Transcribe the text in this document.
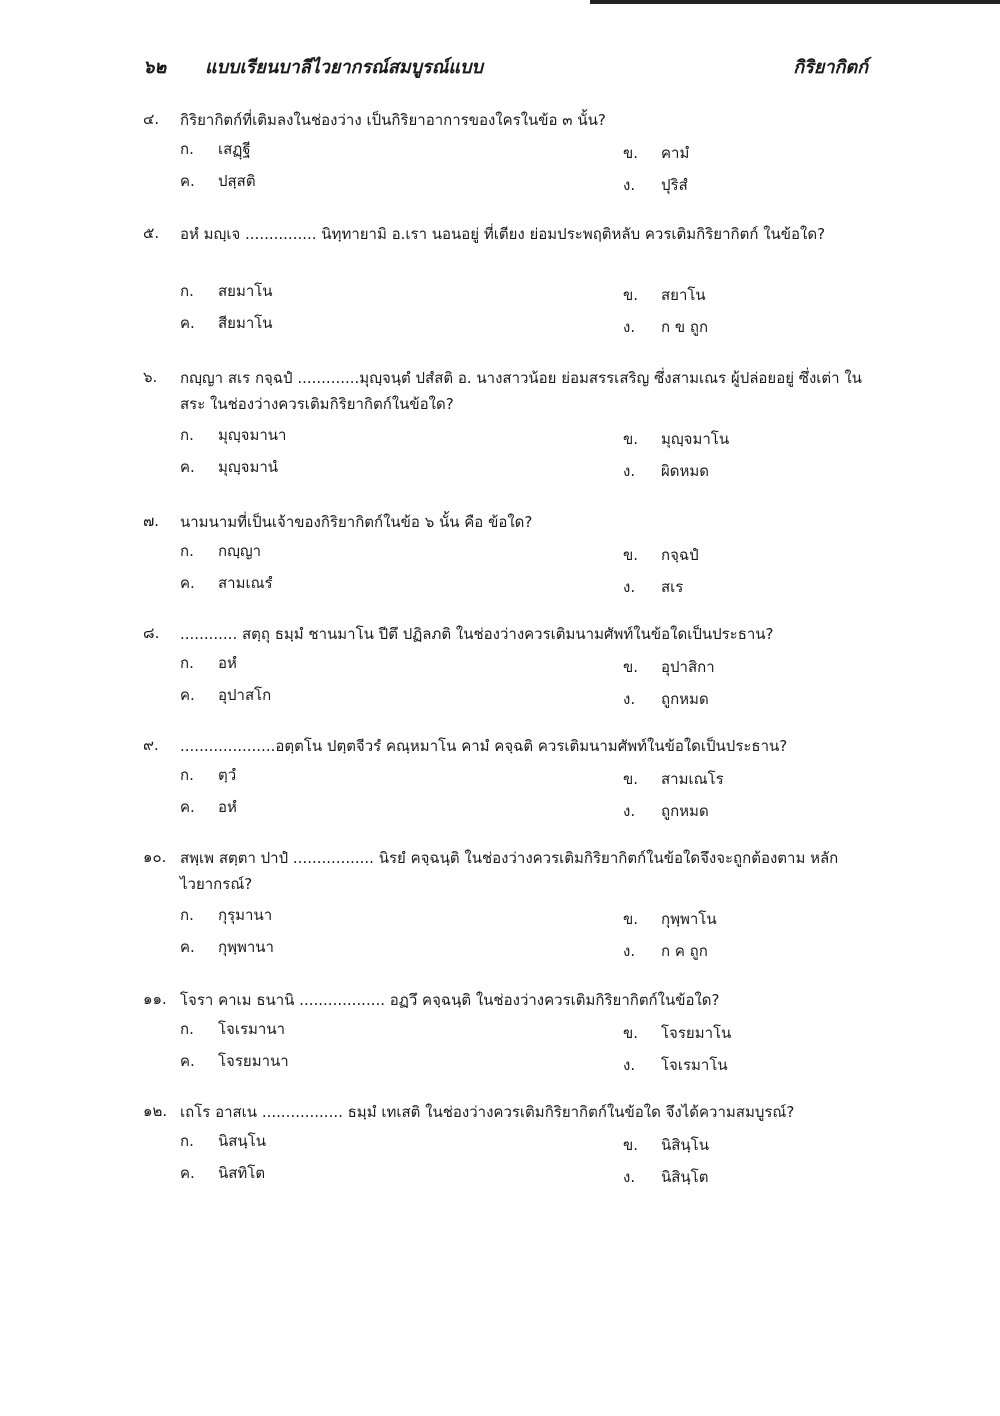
๖๒ แบบเรียนบาลีไวยากรณ์สมบูรณ์แบบ	กิริยากิตก์
๔.	กิริยากิตก์ที่เติมลงในช่องว่าง เป็นกิริยาอาการของใครในข้อ ๓ นั้น?
ก. เสฏฺฐี	ข. คามํ
ค. ปสฺสติ	ง. ปุริสํ
๕.	อหํ มญฺเจ ............... นิทฺทายามิ อ.เรา นอนอยู่ ที่เตียง ย่อมประพฤติหลับ ควรเติมกิริยากิตก์ ในข้อใด?
ก. สยมาโน	ข. สยาโน
ค. สียมาโน	ง. ก ข ถูก
๖.	กญฺญา สเร กจฺฉปํ .............มุญฺจนฺตํ ปสํสติ อ. นางสาวน้อย ย่อมสรรเสริญ ซึ่งสามเณร ผู้ปล่อยอยู่ ซึ่งเต่า ในสระ ในช่องว่างควรเติมกิริยากิตก์ในข้อใด?
ก. มุญฺจมานา	ข. มุญฺจมาโน
ค. มุญฺจมานํ	ง. ผิดหมด
๗.	นามนามที่เป็นเจ้าของกิริยากิตก์ในข้อ ๖ นั้น คือ ข้อใด?
ก. กญฺญา	ข. กจฺฉปํ
ค. สามเณรํ	ง. สเร
๘.	............ สตฺถุ ธมฺมํ ชานมาโน ปีตึ ปฏิลภติ ในช่องว่างควรเติมนามศัพท์ในข้อใดเป็นประธาน?
ก. อหํ	ข. อุปาสิกา
ค. อุปาสโก	ง. ถูกหมด
๙.	....................อตฺตโน ปตฺตจีวรํ คณฺหมาโน คามํ คจฺฉติ ควรเติมนามศัพท์ในข้อใดเป็นประธาน?
ก. ตฺวํ	ข. สามเณโร
ค. อหํ	ง. ถูกหมด
๑๐. สพฺเพ สตฺตา ปาปํ ................. นิรยํ คจฺฉนฺติ ในช่องว่างควรเติมกิริยากิตก์ในข้อใดจึงจะถูกต้องตาม หลักไวยากรณ์?
ก. กุรุมานา	ข. กุพฺพาโน
ค. กุพฺพานา	ง. ก ค ถูก
๑๑. โจรา คาเม ธนานิ .................. อฏวึ คจฺฉนฺติ ในช่องว่างควรเติมกิริยากิตก์ในข้อใด?
ก. โจเรมานา	ข. โจรยมาโน
ค. โจรยมานา	ง. โจเรมาโน
๑๒. เถโร อาสเน ................. ธมฺมํ เทเสติ ในช่องว่างควรเติมกิริยากิตก์ในข้อใด จึงได้ความสมบูรณ์?
ก. นิสนฺโน	ข. นิสินฺโน
ค. นิสทิโต	ง. นิสินฺโต
